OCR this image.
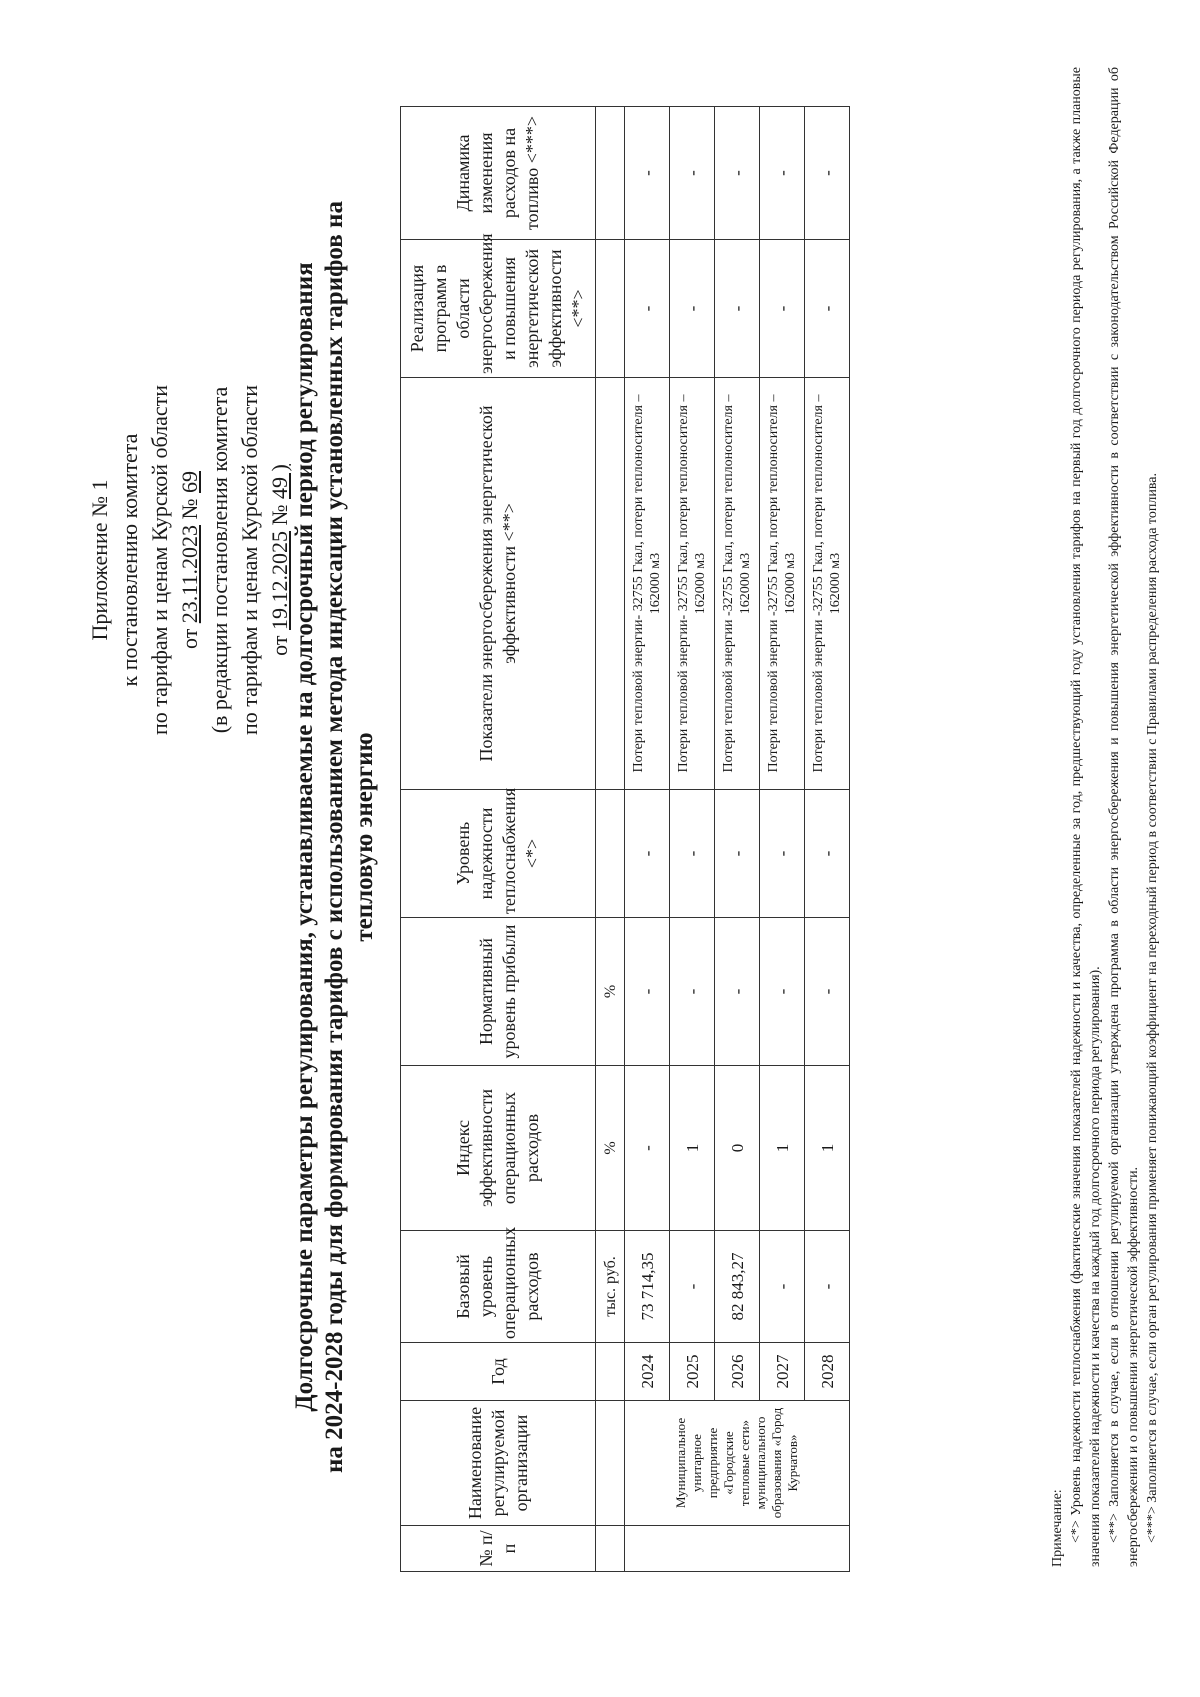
Приложение № 1 к постановлению комитета по тарифам и ценам Курской области от 23.11.2023 № 69 (в редакции постановления комитета по тарифам и ценам Курской области от 19.12.2025 № 49 ) Долгосрочные параметры регулирования, устанавливаемые на долгосрочный период регулирования на 2024-2028 годы для формирования тарифов с использованием метода индексации установленных тарифов на тепловую энергию
№ п/п	Наименование регулируемой организации	Год	Базовый уровень операционных расходов	Индекс эффективности операционных расходов	Нормативный уровень прибыли	Уровень надежности теплоснабжения <*>	Показатели энергосбережения энергетической эффективности <**>	Реализация программ в области энергосбережения и повышения энергетической эффективности <**>	Динамика изменения расходов на топливо <***>
			тыс. руб.	%	%				
	Муниципальное унитарное предприятие «Городские тепловые сети» муниципального образования «Город Курчатов»	2024	73 714,35	-	-	-	Потери тепловой энергии- 32755 Гкал, потери теплоносителя – 162000 м3	-	-
		2025	-	1	-	-	Потери тепловой энергии- 32755 Гкал, потери теплоносителя – 162000 м3	-	-
		2026	82 843,27	0	-	-	Потери тепловой энергии -32755 Гкал, потери теплоносителя – 162000 м3	-	-
		2027	-	1	-	-	Потери тепловой энергии -32755 Гкал, потери теплоносителя – 162000 м3	-	-
		2028	-	1	-	-	Потери тепловой энергии -32755 Гкал, потери теплоносителя – 162000 м3	-	-

Примечание: <*> Уровень надежности теплоснабжения (фактические значения показателей надежности и качества, определенные за год, предшествующий году установления тарифов на первый год долгосрочного периода регулирования, а также плановые значения показателей надежности и качества на каждый год долгосрочного периода регулирования). <**> Заполняется в случае, если в отношении регулируемой организации утверждена программа в области энергосбережения и повышения энергетической эффективности в соответствии с законодательством Российской Федерации об энергосбережении и о повышении энергетической эффективности. <***> Заполняется в случае, если орган регулирования применяет понижающий коэффициент на переходный период в соответствии с Правилами распределения расхода топлива.
